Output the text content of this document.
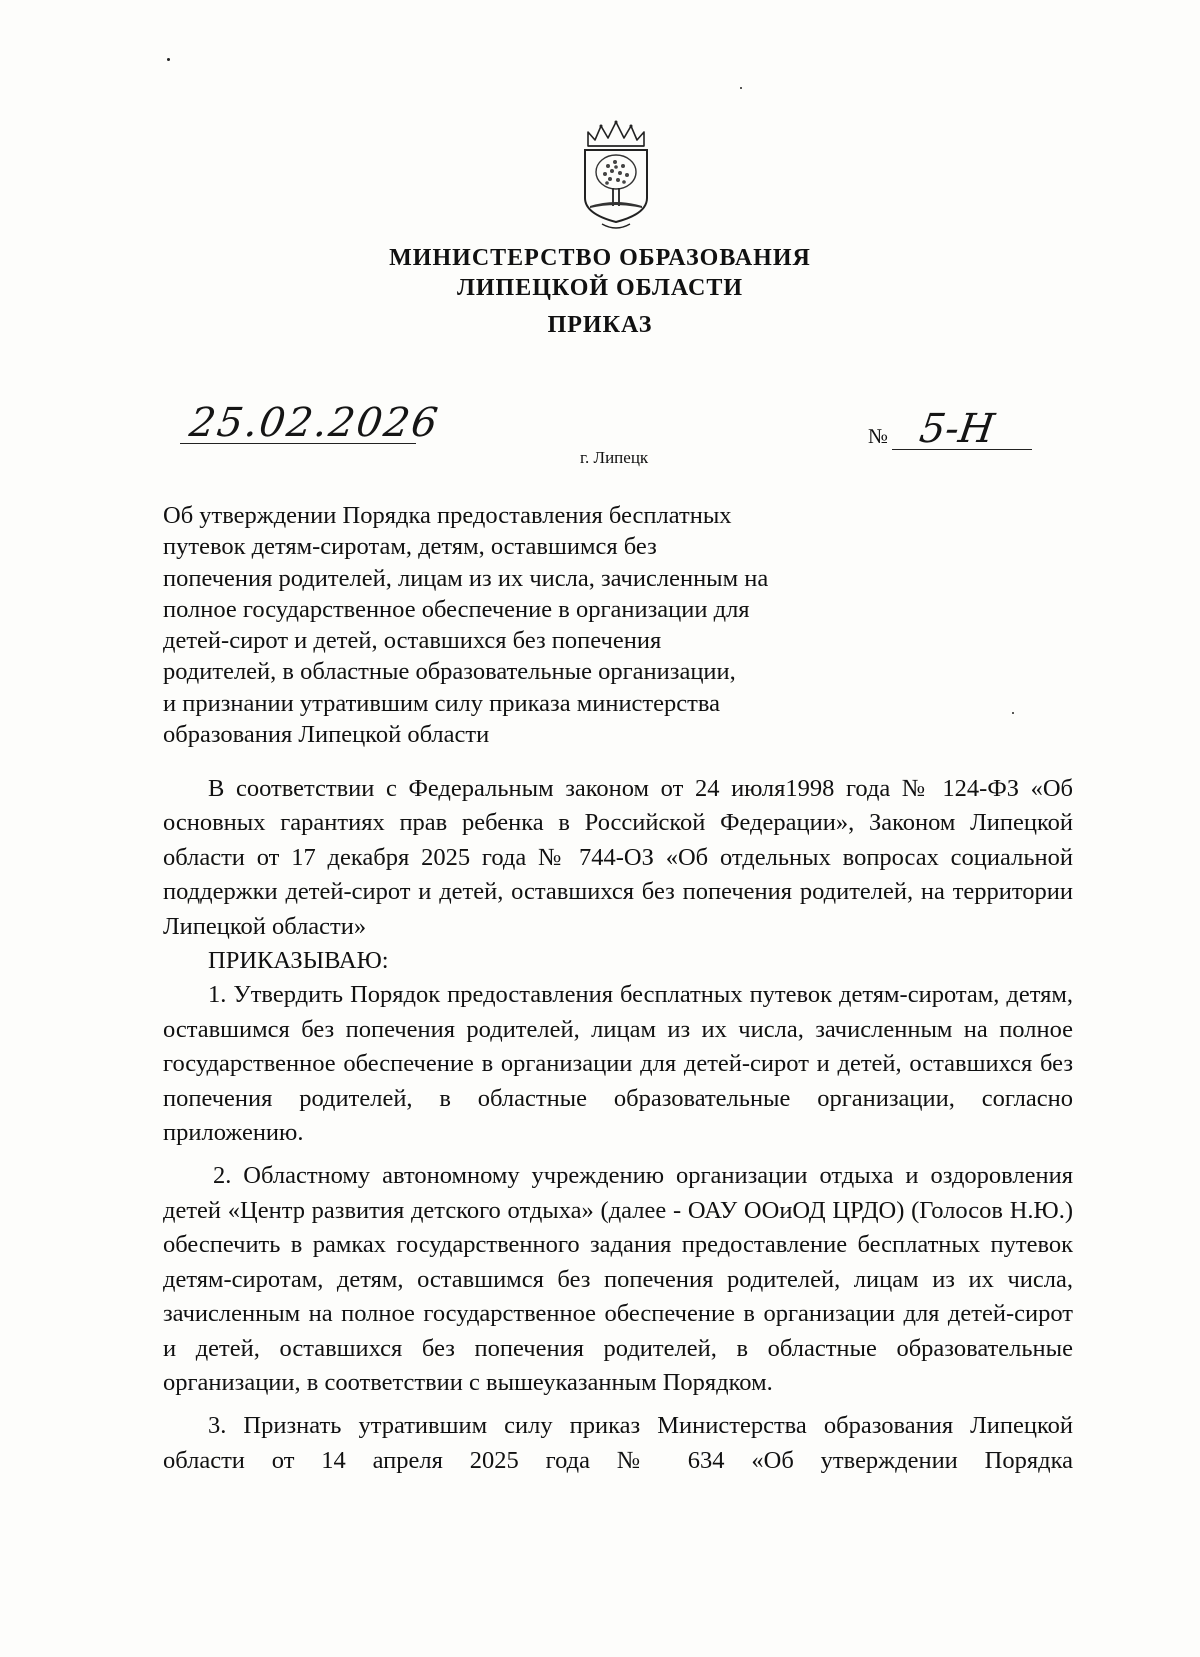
МИНИСТЕРСТВО ОБРАЗОВАНИЯ
ЛИПЕЦКОЙ ОБЛАСТИ
ПРИКАЗ
25.02.2026
г. Липецк
№ 5-Н
Об утверждении Порядка предоставления бесплатных
путевок детям-сиротам, детям, оставшимся без
попечения родителей, лицам из их числа, зачисленным на
полное государственное обеспечение в организации для
детей-сирот и детей, оставшихся без попечения
родителей, в областные образовательные организации,
и признании утратившим силу приказа министерства
образования Липецкой области

В соответствии с Федеральным законом от 24 июля1998 года № 124-ФЗ «Об основных гарантиях прав ребенка в Российской Федерации», Законом Липецкой области от 17 декабря 2025 года № 744-ОЗ «Об отдельных вопросах социальной поддержки детей-сирот и детей, оставшихся без попечения родителей, на территории Липецкой области»

ПРИКАЗЫВАЮ:

1. Утвердить Порядок предоставления бесплатных путевок детям-сиротам, детям, оставшимся без попечения родителей, лицам из их числа, зачисленным на полное государственное обеспечение в организации для детей-сирот и детей, оставшихся без попечения родителей, в областные образовательные организации, согласно приложению.

2. Областному автономному учреждению организации отдыха и оздоровления детей «Центр развития детского отдыха» (далее - ОАУ ООиОД ЦРДО) (Голосов Н.Ю.) обеспечить в рамках государственного задания предоставление бесплатных путевок детям-сиротам, детям, оставшимся без попечения родителей, лицам из их числа, зачисленным на полное государственное обеспечение в организации для детей-сирот и детей, оставшихся без попечения родителей, в областные образовательные организации, в соответствии с вышеуказанным Порядком.

3. Признать утратившим силу приказ Министерства образования Липецкой области от 14 апреля 2025 года № 634 «Об утверждении Порядка
